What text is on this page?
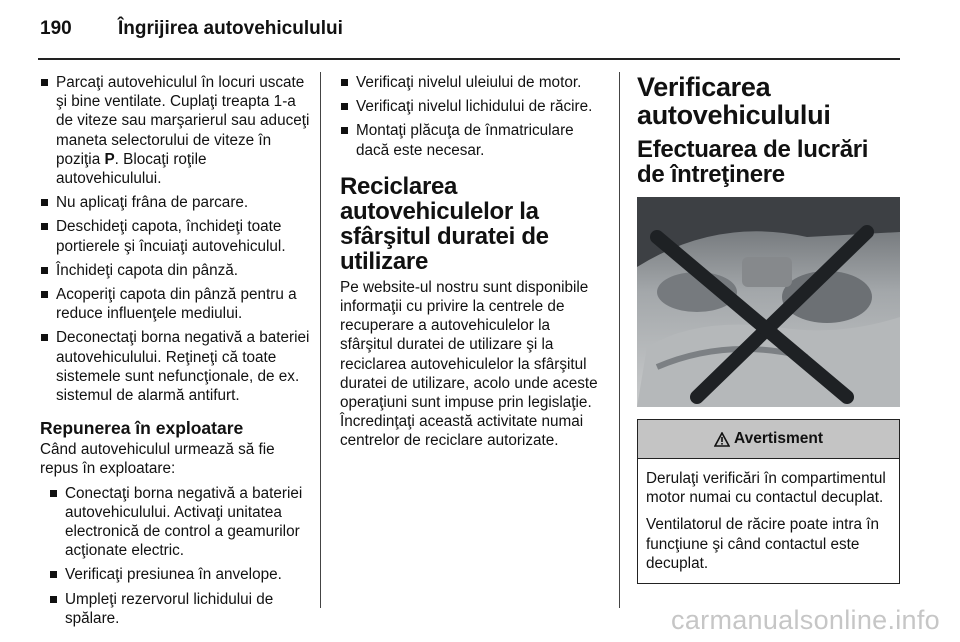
190 Îngrijirea autovehiculului
Parcaţi autovehiculul în locuri uscate şi bine ventilate. Cuplaţi treapta 1-a de viteze sau marşarierul sau aduceţi maneta selectorului de viteze în poziţia P. Blocaţi roţile autovehiculului.
Nu aplicaţi frâna de parcare.
Deschideţi capota, închideţi toate portierele şi încuiaţi autovehiculul.
Închideţi capota din pânză.
Acoperiţi capota din pânză pentru a reduce influenţele mediului.
Deconectaţi borna negativă a bateriei autovehiculului. Reţineţi că toate sistemele sunt nefuncţionale, de ex. sistemul de alarmă antifurt.
Repunerea în exploatare

Când autovehiculul urmează să fie repus în exploatare:

Conectaţi borna negativă a bateriei autovehiculului. Activaţi unitatea electronică de control a geamurilor acţionate electric.
Verificaţi presiunea în anvelope.
Umpleţi rezervorul lichidului de spălare.
Verificaţi nivelul uleiului de motor.
Verificaţi nivelul lichidului de răcire.
Montaţi plăcuţa de înmatriculare dacă este necesar.
Reciclarea autovehiculelor la sfârşitul duratei de utilizare

Pe website-ul nostru sunt disponibile informaţii cu privire la centrele de recuperare a autovehiculelor la sfârşitul duratei de utilizare şi la reciclarea autovehiculelor la sfârşitul duratei de utilizare, acolo unde aceste operaţiuni sunt impuse prin legislaţie. Încredinţaţi această activitate numai centrelor de reciclare autorizate.

Verificarea autovehiculului
Efectuarea de lucrări de întreţinere
Avertisment

Derulaţi verificări în compartimentul motor numai cu contactul decuplat.

Ventilatorul de răcire poate intra în funcţiune şi când contactul este decuplat.

carmanualsonline.info
